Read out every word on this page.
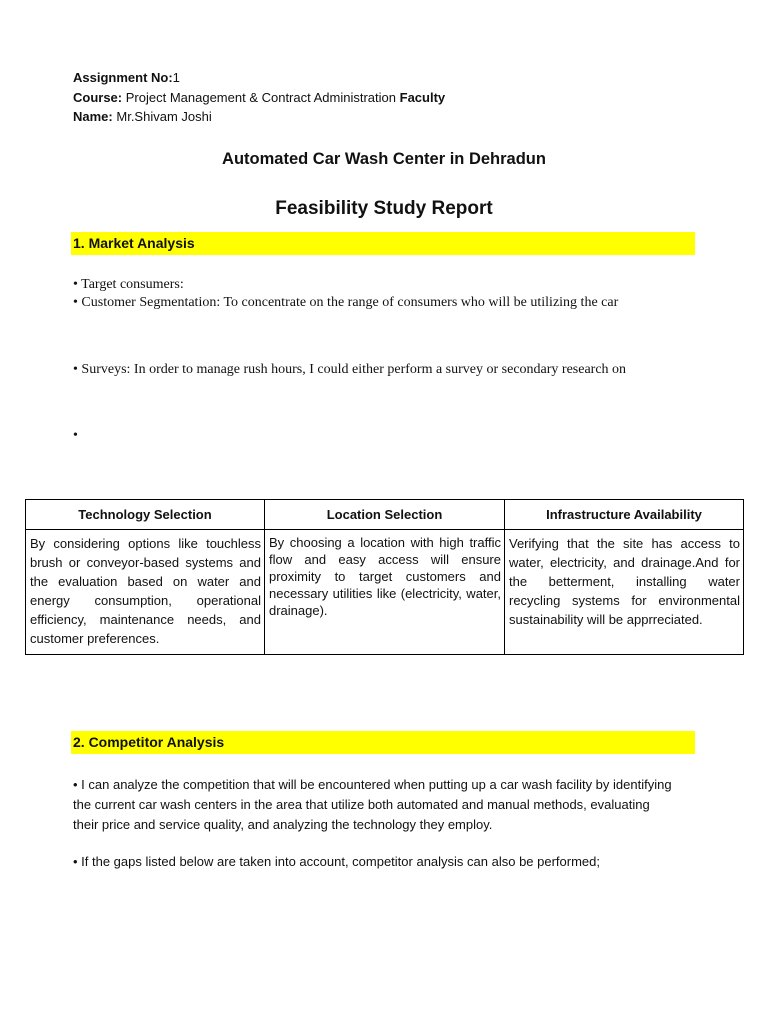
Assignment No:1
Course: Project Management & Contract Administration Faculty
Name: Mr.Shivam Joshi
Automated Car Wash Center in Dehradun
Feasibility Study Report
1. Market Analysis
• Target consumers:
• Customer Segmentation: To concentrate on the range of consumers who will be utilizing the car
• Surveys: In order to manage rush hours, I could either perform a survey or secondary research on
•
Technology Selection	Location Selection	Infrastructure Availability
By considering options like touchless brush or conveyor-based systems and the evaluation based on water and energy consumption, operational efficiency, maintenance needs, and customer preferences.	By choosing a location with high traffic flow and easy access will ensure proximity to target customers and necessary utilities like (electricity, water, drainage).	Verifying that the site has access to water, electricity, and drainage.And for the betterment, installing water recycling systems for environmental sustainability will be apprreciated.
2. Competitor Analysis
• I can analyze the competition that will be encountered when putting up a car wash facility by identifying the current car wash centers in the area that utilize both automated and manual methods, evaluating their price and service quality, and analyzing the technology they employ.
• If the gaps listed below are taken into account, competitor analysis can also be performed;
